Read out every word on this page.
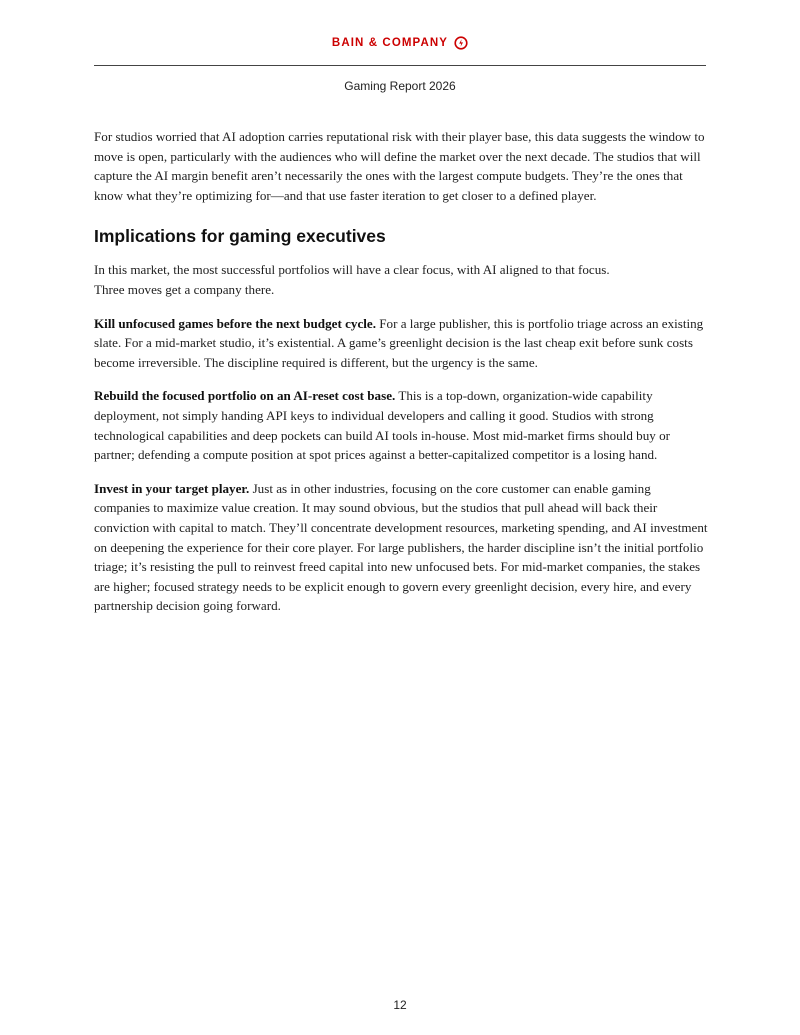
BAIN & COMPANY
Gaming Report 2026

For studios worried that AI adoption carries reputational risk with their player base, this data suggests the window to move is open, particularly with the audiences who will define the market over the next decade. The studios that will capture the AI margin benefit aren’t necessarily the ones with the largest compute budgets. They’re the ones that know what they’re optimizing for—and that use faster iteration to get closer to a defined player.

Implications for gaming executives

In this market, the most successful portfolios will have a clear focus, with AI aligned to that focus.
Three moves get a company there.

Kill unfocused games before the next budget cycle. For a large publisher, this is portfolio triage across an existing slate. For a mid-market studio, it’s existential. A game’s greenlight decision is the last cheap exit before sunk costs become irreversible. The discipline required is different, but the urgency is the same.

Rebuild the focused portfolio on an AI-reset cost base. This is a top-down, organization-wide capability deployment, not simply handing API keys to individual developers and calling it good. Studios with strong technological capabilities and deep pockets can build AI tools in-house. Most mid-market firms should buy or partner; defending a compute position at spot prices against a better-capitalized competitor is a losing hand.

Invest in your target player. Just as in other industries, focusing on the core customer can enable gaming companies to maximize value creation. It may sound obvious, but the studios that pull ahead will back their conviction with capital to match. They’ll concentrate development resources, marketing spending, and AI investment on deepening the experience for their core player. For large publishers, the harder discipline isn’t the initial portfolio triage; it’s resisting the pull to reinvest freed capital into new unfocused bets. For mid-market companies, the stakes are higher; focused strategy needs to be explicit enough to govern every greenlight decision, every hire, and every partnership decision going forward.

12
